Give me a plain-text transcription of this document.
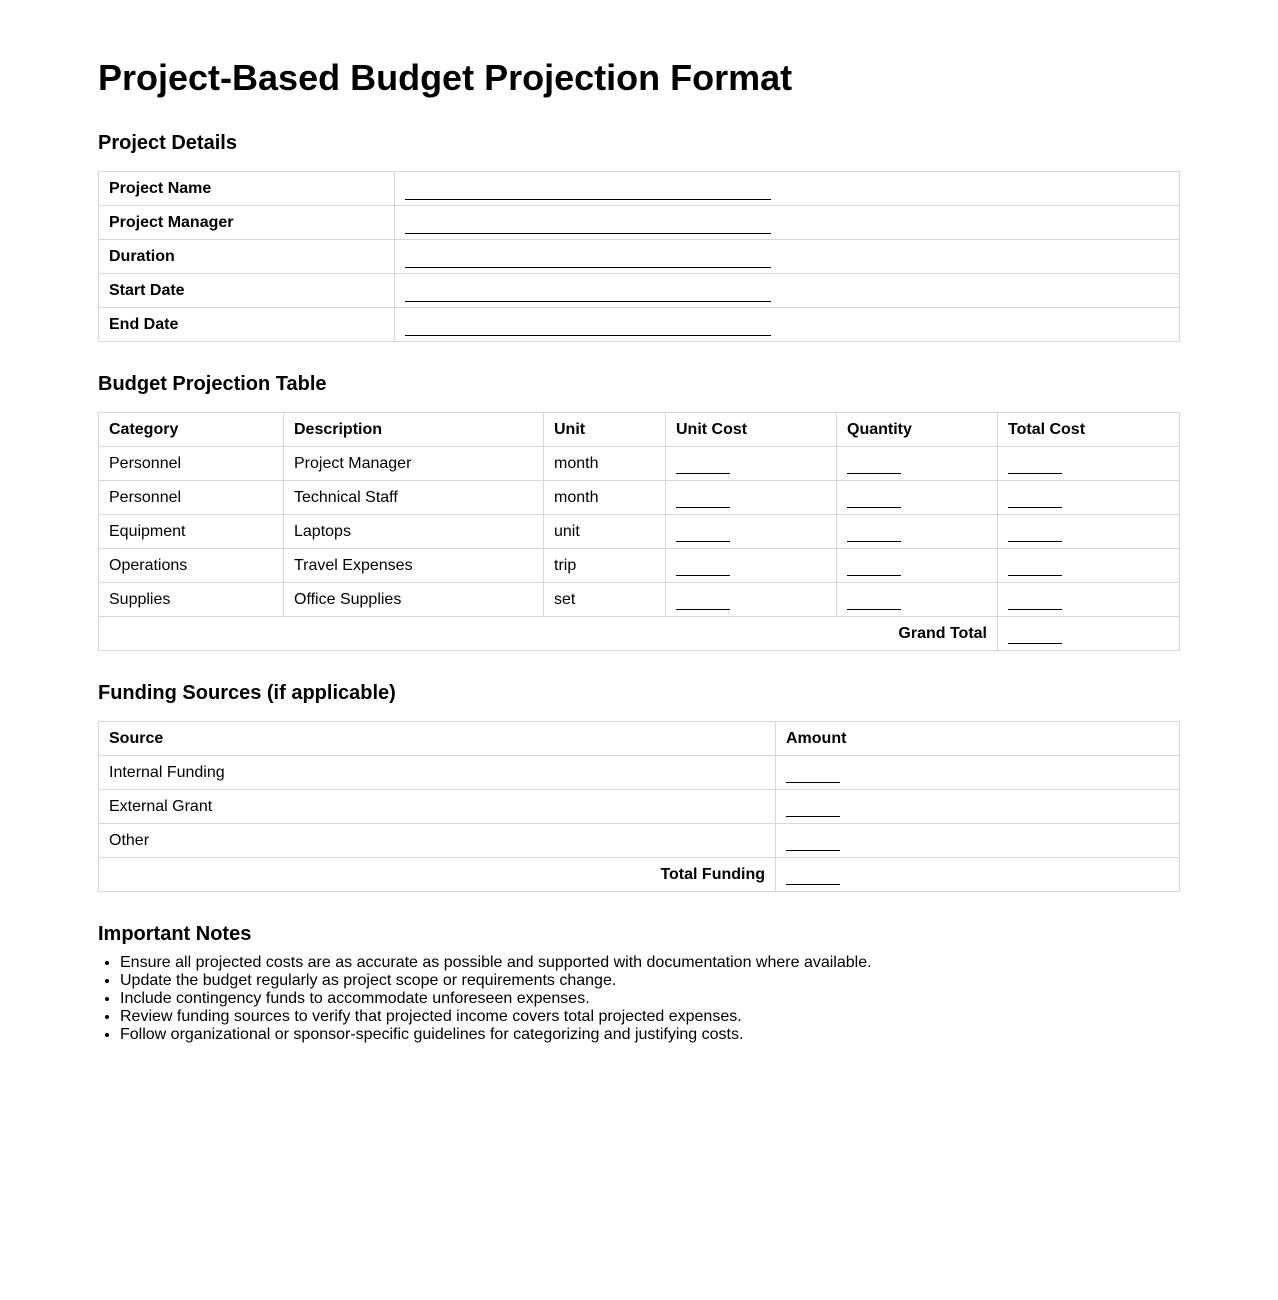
Project-Based Budget Projection Format
Project Details
Project Name	
Project Manager	
Duration	
Start Date	
End Date	
Budget Projection Table
Category	Description	Unit	Unit Cost	Quantity	Total Cost
Personnel	Project Manager	month			
Personnel	Technical Staff	month			
Equipment	Laptops	unit			
Operations	Travel Expenses	trip			
Supplies	Office Supplies	set			
Grand Total					
Funding Sources (if applicable)
Source	Amount
Internal Funding	
External Grant	
Other	
Total Funding	
Important Notes
• Ensure all projected costs are as accurate as possible and supported with documentation where available.
• Update the budget regularly as project scope or requirements change.
• Include contingency funds to accommodate unforeseen expenses.
• Review funding sources to verify that projected income covers total projected expenses.
• Follow organizational or sponsor-specific guidelines for categorizing and justifying costs.
